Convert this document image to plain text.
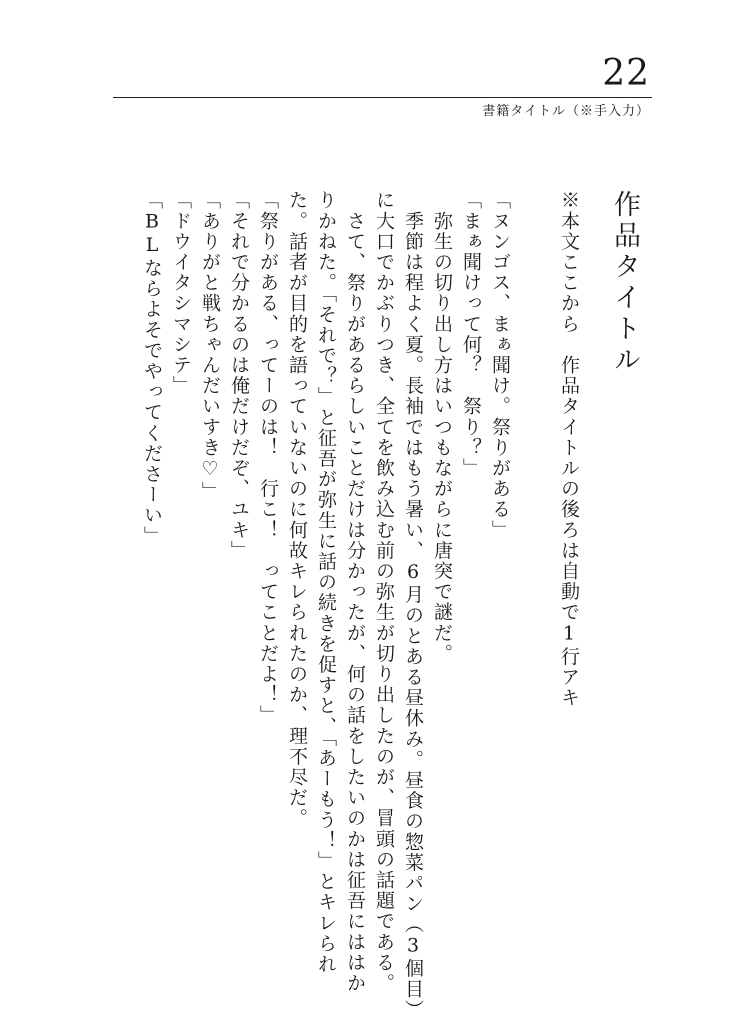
22
書籍タイトル（※手入力）
作品タイトル
※本文ここから　作品タイトルの後ろは自動で1行アキ
「ヌンゴス、まぁ聞け。祭りがある」
「まぁ聞けって何？　祭り？」
　弥生の切り出し方はいつもながらに唐突で謎だ。
　季節は程よく夏。長袖ではもう暑い、6月のとある昼休み。昼食の惣菜パン（3個目）
に大口でかぶりつき、全てを飲み込む前の弥生が切り出したのが、冒頭の話題である。
　さて、祭りがあるらしいことだけは分かったが、何の話をしたいのかは征吾にははか
りかねた。「それで？」と征吾が弥生に話の続きを促すと、「あーもう！」とキレられ
た。話者が目的を語っていないのに何故キレられたのか、理不尽だ。
「祭りがある、ってーのは！　行こ！　ってことだよ！」
「それで分かるのは俺だけだぞ、ユキ」
「ありがと戦ちゃんだいすき♡」
「ドウイタシマシテ」
「BLならよそでやってくださーい」
